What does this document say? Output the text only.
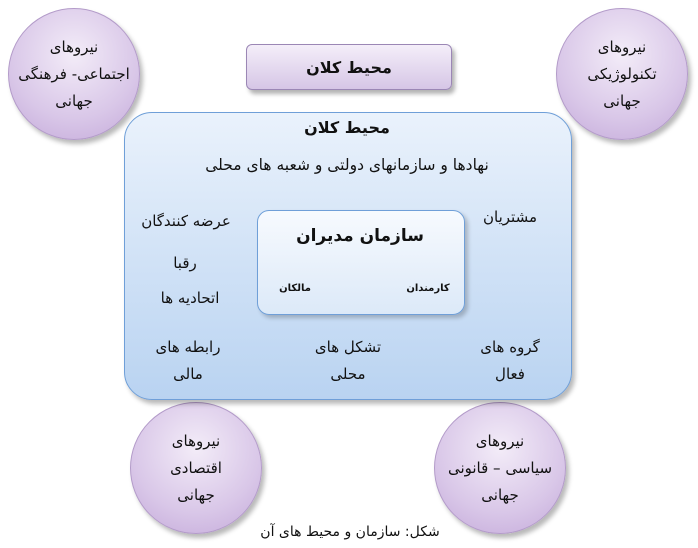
نیروهای
اجتماعی- فرهنگی
جهانی
نیروهای
تکنولوژیکی
جهانی
نیروهای
اقتصادی
جهانی
نیروهای
سیاسی – قانونی
جهانی
محیط کلان
محیط کلان
نهادها و سازمانهای دولتی و شعبه های محلی
عرضه کنندگان
رقبا
اتحادیه ها
مشتریان
رابطه های
مالی
تشکل های
محلی
گروه های
فعال
سازمان مدیران
مالکان	کارمندان
شکل: سازمان و محیط های آن
